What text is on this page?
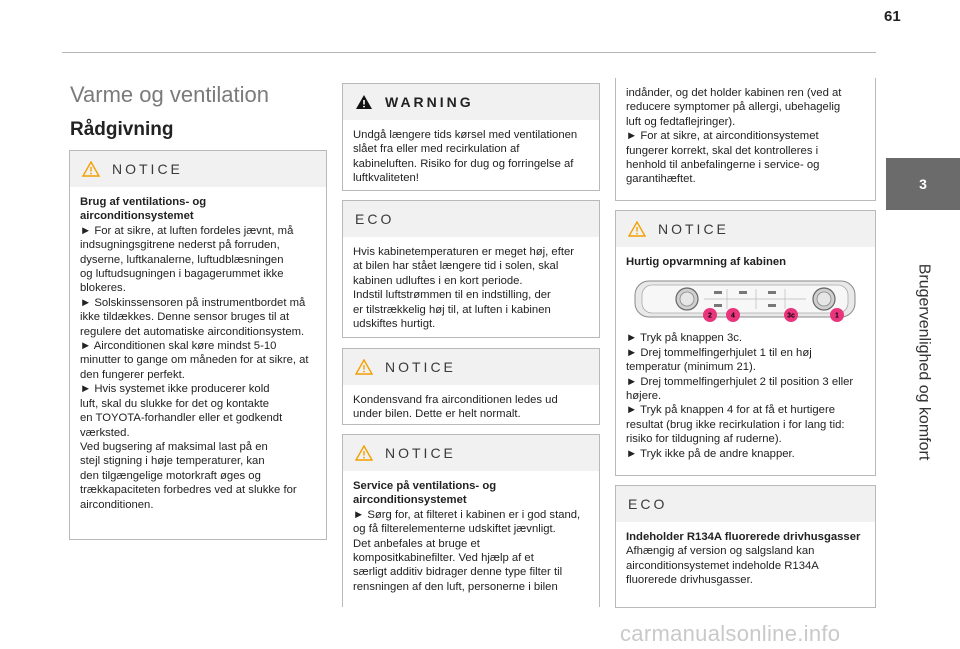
61
3
Brugervenlighed og komfort
Varme og ventilation
Rådgivning
NOTICE

Brug af ventilations- og airconditionsystemet

► For at sikre, at luften fordeles jævnt, må

indsugningsgitrene nederst på forruden,

dyserne, luftkanalerne, luftudblæsningen

og luftudsugningen i bagagerummet ikke

blokeres.

► Solskinssensoren på instrumentbordet må

ikke tildækkes. Denne sensor bruges til at

regulere det automatiske airconditionsystem.

► Airconditionen skal køre mindst 5-10

minutter to gange om måneden for at sikre, at

den fungerer perfekt.

► Hvis systemet ikke producerer kold

luft, skal du slukke for det og kontakte

en TOYOTA-forhandler eller et godkendt

værksted.

Ved bugsering af maksimal last på en

stejl stigning i høje temperaturer, kan

den tilgængelige motorkraft øges og

trækkapaciteten forbedres ved at slukke for

airconditionen.

WARNING

Undgå længere tids kørsel med ventilationen

slået fra eller med recirkulation af

kabineluften. Risiko for dug og forringelse af

luftkvaliteten!

ECO

Hvis kabinetemperaturen er meget høj, efter

at bilen har stået længere tid i solen, skal

kabinen udluftes i en kort periode.

Indstil luftstrømmen til en indstilling, der

er tilstrækkelig høj til, at luften i kabinen

udskiftes hurtigt.

NOTICE

Kondensvand fra airconditionen ledes ud

under bilen. Dette er helt normalt.

NOTICE

Service på ventilations- og airconditionsystemet

► Sørg for, at filteret i kabinen er i god stand,

og få filterelementerne udskiftet jævnligt.

Det anbefales at bruge et

kompositkabinefilter. Ved hjælp af et

særligt additiv bidrager denne type filter til

rensningen af den luft, personerne i bilen

indånder, og det holder kabinen ren (ved at

reducere symptomer på allergi, ubehagelig

luft og fedtaflejringer).

► For at sikre, at airconditionsystemet

fungerer korrekt, skal det kontrolleres i

henhold til anbefalingerne i service- og

garantihæftet.

NOTICE

Hurtig opvarmning af kabinen

2	4	3c	1

► Tryk på knappen 3c.

► Drej tommelfingerhjulet 1 til en høj

temperatur (minimum 21).

► Drej tommelfingerhjulet 2 til position 3 eller

højere.

► Tryk på knappen 4 for at få et hurtigere

resultat (brug ikke recirkulation i for lang tid:

risiko for tildugning af ruderne).

► Tryk ikke på de andre knapper.

ECO

Indeholder R134A fluorerede drivhusgasser

Afhængig af version og salgsland kan

airconditionsystemet indeholde R134A

fluorerede drivhusgasser.

carmanualsonline.info
